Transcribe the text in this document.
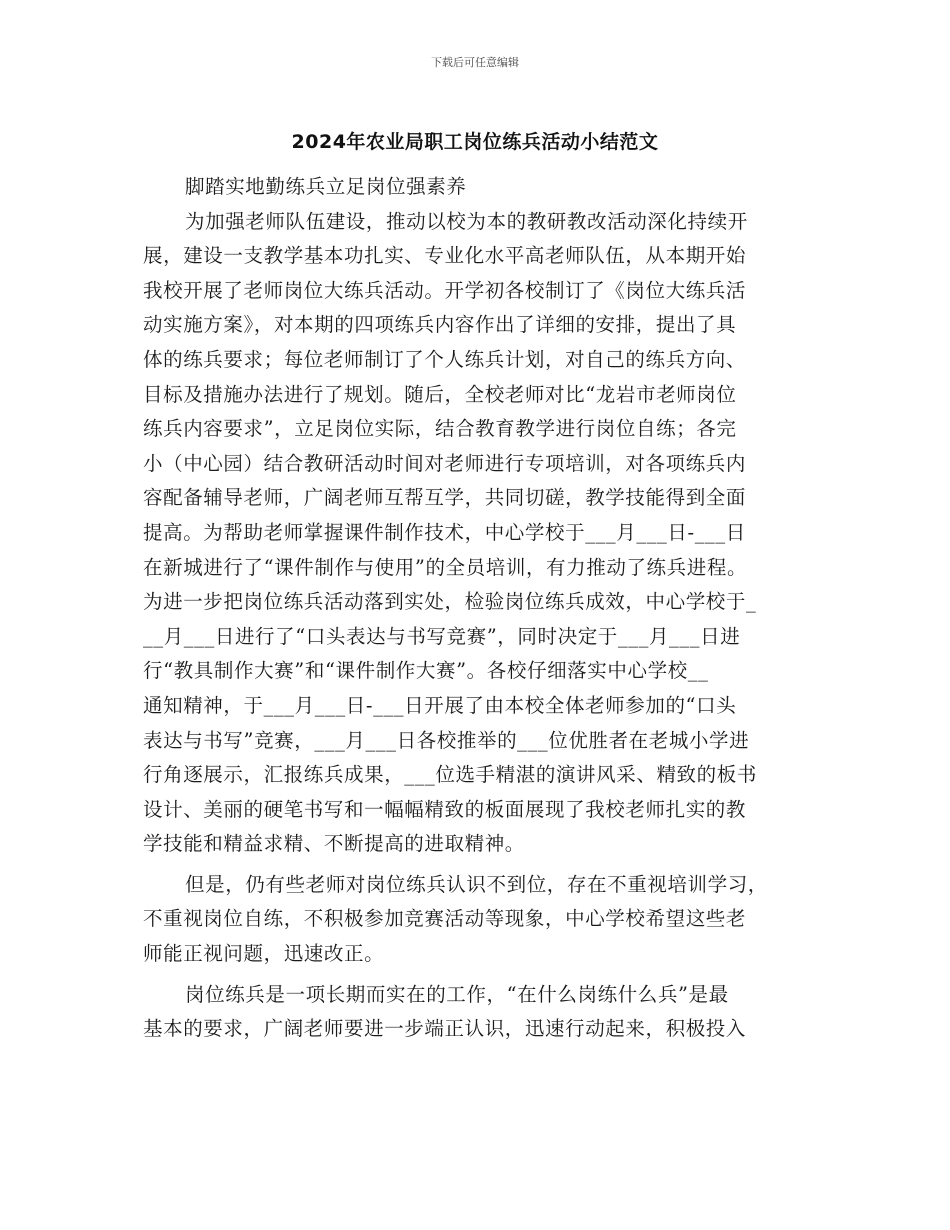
下载后可任意编辑
2024年农业局职工岗位练兵活动小结范文
脚踏实地勤练兵立足岗位强素养
为加强老师队伍建设，推动以校为本的教研教改活动深化持续开
展，建设一支教学基本功扎实、专业化水平高老师队伍，从本期开始
我校开展了老师岗位大练兵活动。开学初各校制订了《岗位大练兵活
动实施方案》，对本期的四项练兵内容作出了详细的安排，提出了具
体的练兵要求；每位老师制订了个人练兵计划，对自己的练兵方向、
目标及措施办法进行了规划。随后，全校老师对比“龙岩市老师岗位
练兵内容要求”，立足岗位实际，结合教育教学进行岗位自练；各完
小（中心园）结合教研活动时间对老师进行专项培训，对各项练兵内
容配备辅导老师，广阔老师互帮互学，共同切磋，教学技能得到全面
提高。为帮助老师掌握课件制作技术，中心学校于___月___日-___日
在新城进行了“课件制作与使用”的全员培训，有力推动了练兵进程。
为进一步把岗位练兵活动落到实处，检验岗位练兵成效，中心学校于_
__月___日进行了“口头表达与书写竞赛”，同时决定于___月___日进
行“教具制作大赛”和“课件制作大赛”。各校仔细落实中心学校__
通知精神，于___月___日-___日开展了由本校全体老师参加的“口头
表达与书写”竞赛，___月___日各校推举的___位优胜者在老城小学进
行角逐展示，汇报练兵成果，___位选手精湛的演讲风采、精致的板书
设计、美丽的硬笔书写和一幅幅精致的板面展现了我校老师扎实的教
学技能和精益求精、不断提高的进取精神。
但是，仍有些老师对岗位练兵认识不到位，存在不重视培训学习，
不重视岗位自练，不积极参加竞赛活动等现象，中心学校希望这些老
师能正视问题，迅速改正。
岗位练兵是一项长期而实在的工作，“在什么岗练什么兵”是最
基本的要求，广阔老师要进一步端正认识，迅速行动起来，积极投入
